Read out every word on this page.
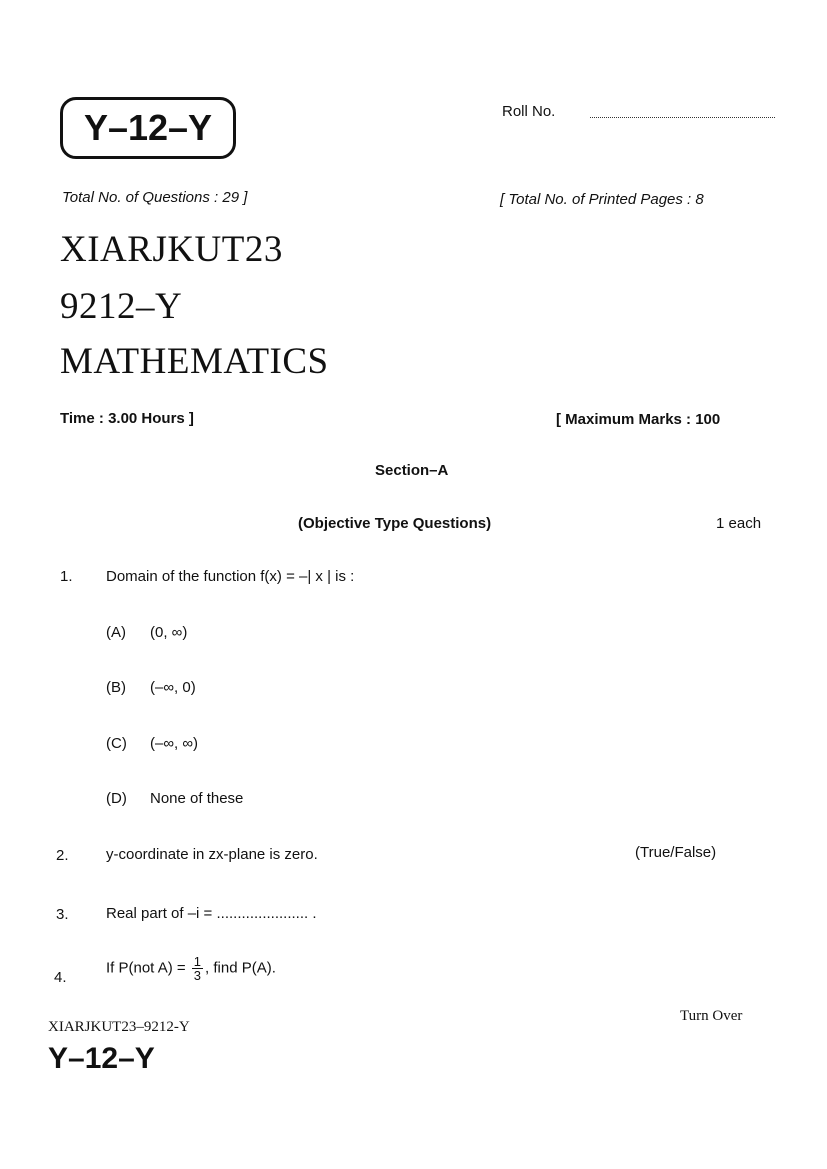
Y–12–Y	Roll No.
Total No. of Questions : 29 ]	[ Total No. of Printed Pages : 8
XIARJKUT23
9212–Y
MATHEMATICS
Time : 3.00 Hours ]	[ Maximum Marks : 100
Section–A
(Objective Type Questions)	1 each
1. Domain of the function f(x) = –| x | is :
(A) (0, ∞)
(B) (–∞, 0)
(C) (–∞, ∞)
(D) None of these
2. y-coordinate in zx-plane is zero.	(True/False)
3. Real part of –i = ...................... .
4.
If P(not $A) = \frac{1}{3}$ , find P(A).
Turn Over
XIARJKUT23–9212-Y
Y–12–Y
